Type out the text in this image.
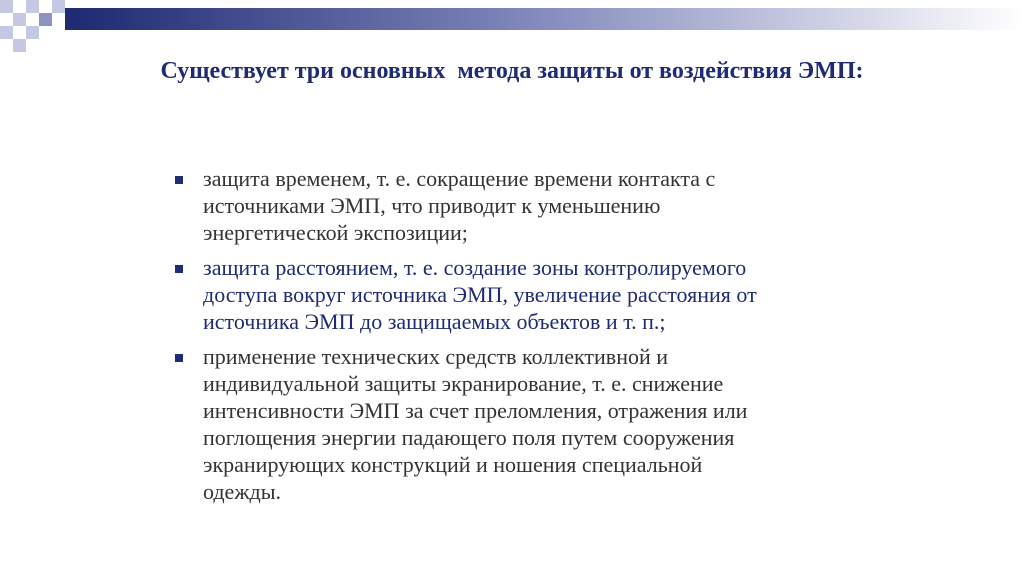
Существует три основных  метода защиты от воздействия ЭМП:
защита временем, т. е. сокращение времени контакта с
источниками ЭМП, что приводит к уменьшению
энергетической экспозиции;
защита расстоянием, т. е. создание зоны контролируемого
доступа вокруг источника ЭМП, увеличение расстояния от
источника ЭМП до защищаемых объектов и т. п.;
применение технических средств коллективной и
индивидуальной защиты экранирование, т. е. снижение
интенсивности ЭМП за счет преломления, отражения или
поглощения энергии падающего поля путем сооружения
экранирующих конструкций и ношения специальной
одежды.
